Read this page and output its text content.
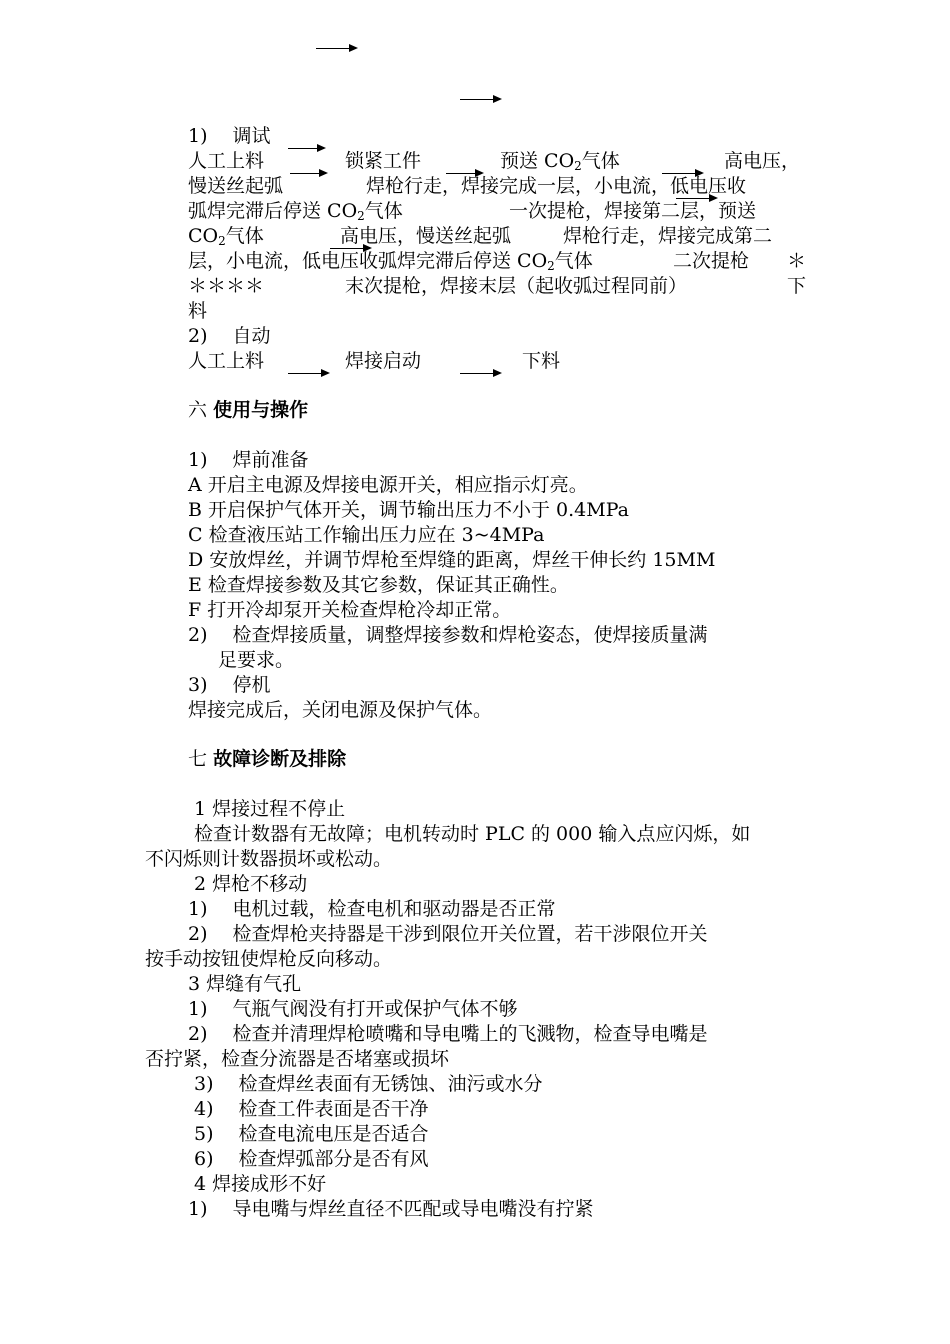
1)　 调试
人工上料	锁紧工件	预送 $CO_2$气体	高电压，
慢送丝起弧	焊枪行走，焊接完成一层，小电流，低电压收
弧焊完滞后停送 $CO_2$气体	一次提枪，焊接第二层，预送
$CO_2$气体	高电压，慢送丝起弧	焊枪行走，焊接完成第二
层，小电流，低电压收弧焊完滞后停送 $CO_2$气体	二次提枪 ＊
＊＊＊＊	末次提枪，焊接末层（起收弧过程同前）	下
料
2)　 自动
人工上料	焊接启动	下料
六 使用与操作
1)　 焊前准备
A 开启主电源及焊接电源开关，相应指示灯亮。
B 开启保护气体开关，调节输出压力不小于 0.4MPa
C 检查液压站工作输出压力应在 3~4MPa
D 安放焊丝，并调节焊枪至焊缝的距离，焊丝干伸长约 15MM
E 检查焊接参数及其它参数，保证其正确性。
F 打开冷却泵开关检查焊枪冷却正常。
2)　 检查焊接质量，调整焊接参数和焊枪姿态，使焊接质量满
足要求。
3)　 停机
焊接完成后，关闭电源及保护气体。
七 故障诊断及排除
1 焊接过程不停止
检查计数器有无故障；电机转动时 PLC 的 000 输入点应闪烁，如
不闪烁则计数器损坏或松动。
2 焊枪不移动
1)　 电机过载，检查电机和驱动器是否正常
2)　 检查焊枪夹持器是干涉到限位开关位置，若干涉限位开关
按手动按钮使焊枪反向移动。
3 焊缝有气孔
1)　 气瓶气阀没有打开或保护气体不够
2)　 检查并清理焊枪喷嘴和导电嘴上的飞溅物，检查导电嘴是
否拧紧，检查分流器是否堵塞或损坏
3)　 检查焊丝表面有无锈蚀、油污或水分
4)　 检查工件表面是否干净
5)　 检查电流电压是否适合
6)　 检查焊弧部分是否有风
4 焊接成形不好
1)　 导电嘴与焊丝直径不匹配或导电嘴没有拧紧
